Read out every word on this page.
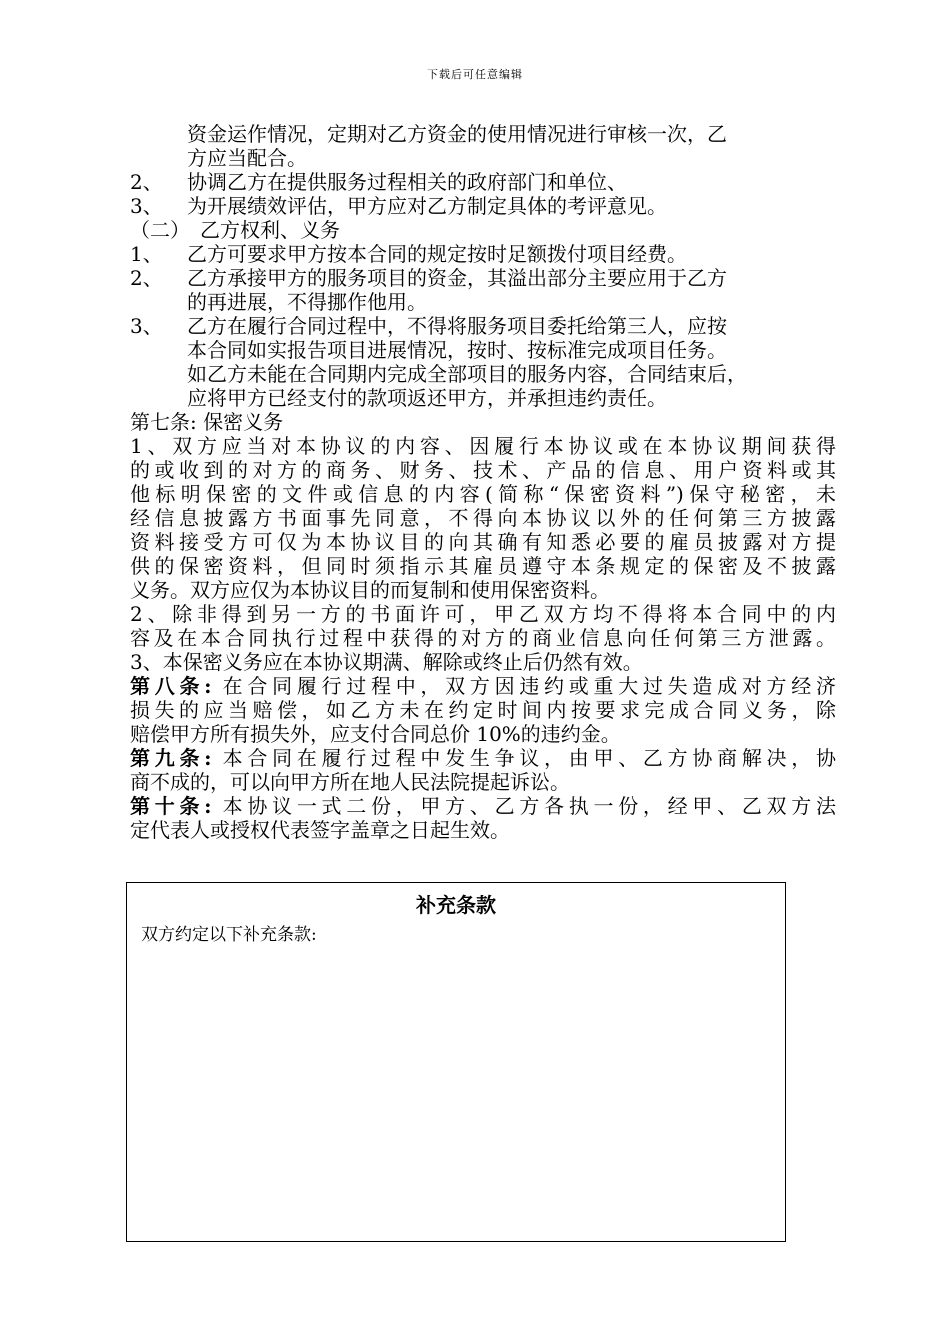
下载后可任意编辑
资金运作情况，定期对乙方资金的使用情况进行审核一次，乙
方应当配合。
2、 协调乙方在提供服务过程相关的政府部门和单位、
3、 为开展绩效评估，甲方应对乙方制定具体的考评意见。
（二）　乙方权利、义务
1、 乙方可要求甲方按本合同的规定按时足额拨付项目经费。
2、 乙方承接甲方的服务项目的资金，其溢出部分主要应用于乙方
的再进展，不得挪作他用。
3、 乙方在履行合同过程中，不得将服务项目委托给第三人，应按
本合同如实报告项目进展情况，按时、按标准完成项目任务。
如乙方未能在合同期内完成全部项目的服务内容，合同结束后，
应将甲方已经支付的款项返还甲方，并承担违约责任。
第七条: 保密义务
1、双方应当对本协议的内容、因履行本协议或在本协议期间获得
的或收到的对方的商务、财务、技术、产品的信息、用户资料或其
他标明保密的文件或信息的内容(简称“保密资料”)保守秘密，未
经信息披露方书面事先同意，不得向本协议以外的任何第三方披露
资料接受方可仅为本协议目的向其确有知悉必要的雇员披露对方提
供的保密资料，但同时须指示其雇员遵守本条规定的保密及不披露
义务。双方应仅为本协议目的而复制和使用保密资料。
2、除非得到另一方的书面许可，甲乙双方均不得将本合同中的内
容及在本合同执行过程中获得的对方的商业信息向任何第三方泄露。
3、本保密义务应在本协议期满、解除或终止后仍然有效。
第八条: 在合同履行过程中，双方因违约或重大过失造成对方经济
损失的应当赔偿，如乙方未在约定时间内按要求完成合同义务，除
赔偿甲方所有损失外，应支付合同总价 10%的违约金。
第九条: 本合同在履行过程中发生争议，由甲、乙方协商解决，协
商不成的，可以向甲方所在地人民法院提起诉讼。
第十条: 本协议一式二份，甲方、乙方各执一份，经甲、乙双方法
定代表人或授权代表签字盖章之日起生效。
补充条款
双方约定以下补充条款:
